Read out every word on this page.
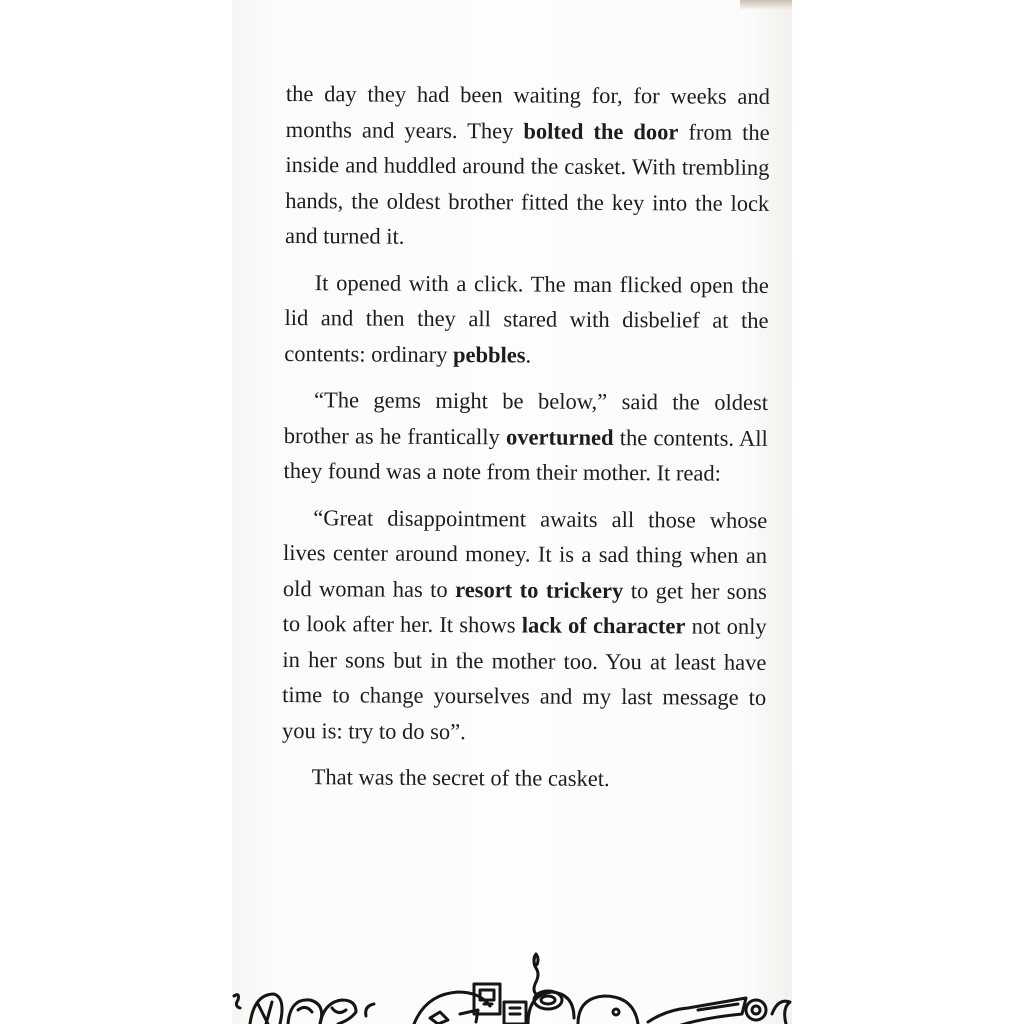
the day they had been waiting for, for weeks and months and years. They bolted the door from the inside and huddled around the casket. With trembling hands, the oldest brother fitted the key into the lock and turned it.

It opened with a click. The man flicked open the lid and then they all stared with disbelief at the contents: ordinary pebbles.

“The gems might be below,” said the oldest brother as he frantically overturned the contents. All they found was a note from their mother. It read:

“Great disappointment awaits all those whose lives center around money. It is a sad thing when an old woman has to resort to trickery to get her sons to look after her. It shows lack of character not only in her sons but in the mother too. You at least have time to change yourselves and my last message to you is: try to do so”.

That was the secret of the casket.
